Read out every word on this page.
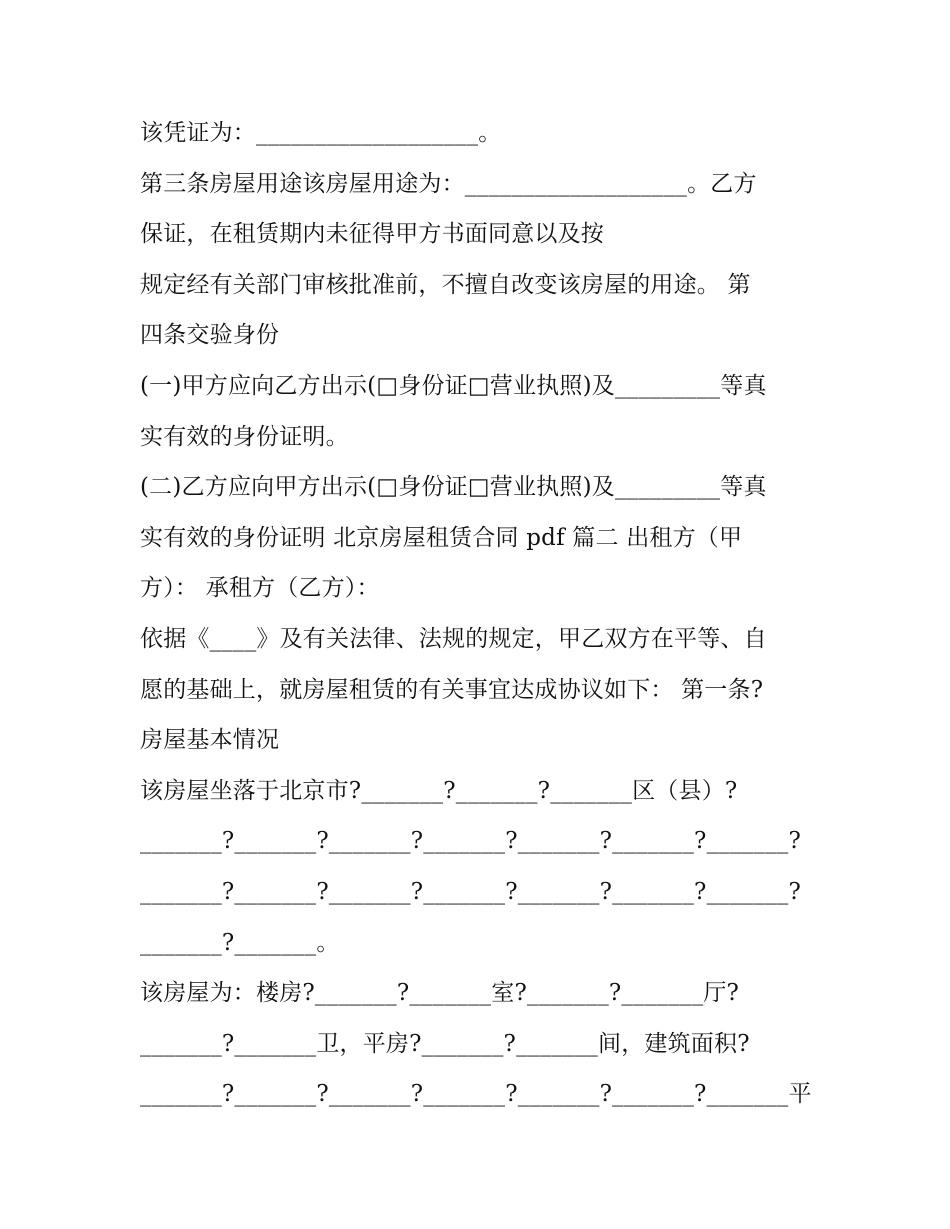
该凭证为：___________________。
第三条房屋用途该房屋用途为：___________________。乙方
保证，在租赁期内未征得甲方书面同意以及按
规定经有关部门审核批准前，不擅自改变该房屋的用途。 第
四条交验身份
(一)甲方应向乙方出示(□身份证□营业执照)及_________等真
实有效的身份证明。
(二)乙方应向甲方出示(□身份证□营业执照)及_________等真
实有效的身份证明 北京房屋租赁合同 pdf 篇二 出租方（甲
方）： 承租方（乙方）：
依据《____》及有关法律、法规的规定，甲乙双方在平等、自
愿的基础上，就房屋租赁的有关事宜达成协议如下： 第一条?
房屋基本情况
该房屋坐落于北京市?_______?_______?_______区（县）?
_______?_______?_______?_______?_______?_______?_______?
_______?_______?_______?_______?_______?_______?_______?
_______?_______。
该房屋为：楼房?_______?_______室?_______?_______厅?
_______?_______卫，平房?_______?_______间，建筑面积?
_______?_______?_______?_______?_______?_______?_______平
